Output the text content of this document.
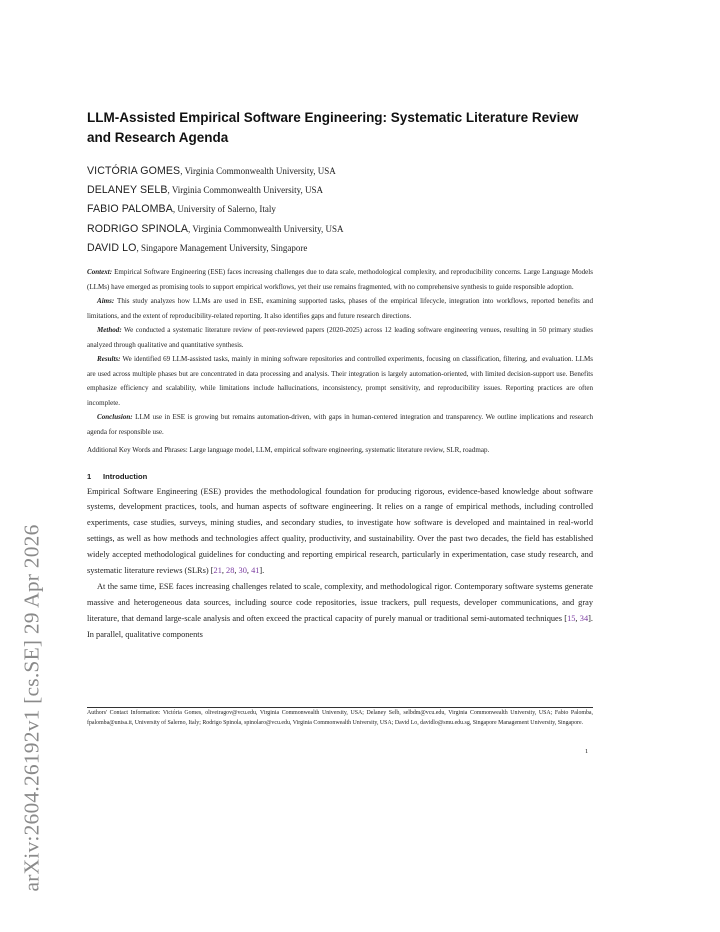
arXiv:2604.26192v1 [cs.SE] 29 Apr 2026
LLM-Assisted Empirical Software Engineering: Systematic Literature Review and Research Agenda
VICTÓRIA GOMES, Virginia Commonwealth University, USA
DELANEY SELB, Virginia Commonwealth University, USA
FABIO PALOMBA, University of Salerno, Italy
RODRIGO SPINOLA, Virginia Commonwealth University, USA
DAVID LO, Singapore Management University, Singapore

Context: Empirical Software Engineering (ESE) faces increasing challenges due to data scale, methodological complexity, and reproducibility concerns. Large Language Models (LLMs) have emerged as promising tools to support empirical workflows, yet their use remains fragmented, with no comprehensive synthesis to guide responsible adoption.

Aims: This study analyzes how LLMs are used in ESE, examining supported tasks, phases of the empirical lifecycle, integration into workflows, reported benefits and limitations, and the extent of reproducibility-related reporting. It also identifies gaps and future research directions.

Method: We conducted a systematic literature review of peer-reviewed papers (2020-2025) across 12 leading software engineering venues, resulting in 50 primary studies analyzed through qualitative and quantitative synthesis.

Results: We identified 69 LLM-assisted tasks, mainly in mining software repositories and controlled experiments, focusing on classification, filtering, and evaluation. LLMs are used across multiple phases but are concentrated in data processing and analysis. Their integration is largely automation-oriented, with limited decision-support use. Benefits emphasize efficiency and scalability, while limitations include hallucinations, inconsistency, prompt sensitivity, and reproducibility issues. Reporting practices are often incomplete.

Conclusion: LLM use in ESE is growing but remains automation-driven, with gaps in human-centered integration and transparency. We outline implications and research agenda for responsible use.

Additional Key Words and Phrases: Large language model, LLM, empirical software engineering, systematic literature review, SLR, roadmap.

1 Introduction

Empirical Software Engineering (ESE) provides the methodological foundation for producing rigorous, evidence-based knowledge about software systems, development practices, tools, and human aspects of software engineering. It relies on a range of empirical methods, including controlled experiments, case studies, surveys, mining studies, and secondary studies, to investigate how software is developed and maintained in real-world settings, as well as how methods and technologies affect quality, productivity, and sustainability. Over the past two decades, the field has established widely accepted methodological guidelines for conducting and reporting empirical research, particularly in experimentation, case study research, and systematic literature reviews (SLRs) [21, 28, 30, 41].

At the same time, ESE faces increasing challenges related to scale, complexity, and methodological rigor. Contemporary software systems generate massive and heterogeneous data sources, including source code repositories, issue trackers, pull requests, developer communications, and gray literature, that demand large-scale analysis and often exceed the practical capacity of purely manual or traditional semi-automated techniques [15, 34]. In parallel, qualitative components

Authors' Contact Information: Victória Gomes, oliveiragov@vcu.edu, Virginia Commonwealth University, USA; Delaney Selb, selbdm@vcu.edu, Virginia Commonwealth University, USA; Fabio Palomba, fpalomba@unisa.it, University of Salerno, Italy; Rodrigo Spinola, spinolaro@vcu.edu, Virginia Commonwealth University, USA; David Lo, davidlo@smu.edu.sg, Singapore Management University, Singapore.
1
